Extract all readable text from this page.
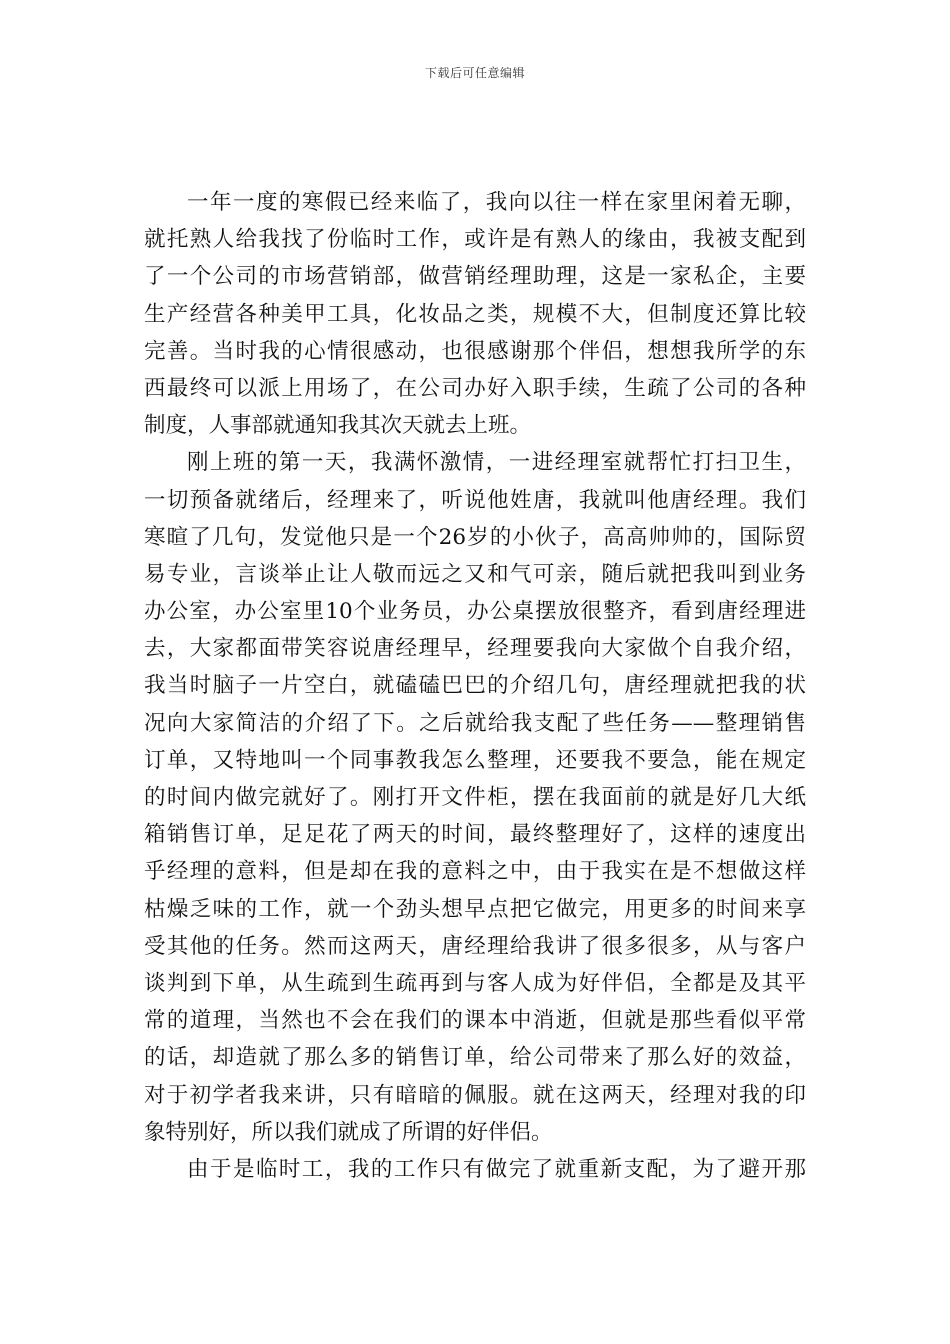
下载后可任意编辑
一年一度的寒假已经来临了，我向以往一样在家里闲着无聊，
就托熟人给我找了份临时工作，或许是有熟人的缘由，我被支配到
了一个公司的市场营销部，做营销经理助理，这是一家私企，主要
生产经营各种美甲工具，化妆品之类，规模不大，但制度还算比较
完善。当时我的心情很感动，也很感谢那个伴侣，想想我所学的东
西最终可以派上用场了，在公司办好入职手续，生疏了公司的各种
制度，人事部就通知我其次天就去上班。
刚上班的第一天，我满怀激情，一进经理室就帮忙打扫卫生，
一切预备就绪后，经理来了，听说他姓唐，我就叫他唐经理。我们
寒暄了几句，发觉他只是一个26岁的小伙子，高高帅帅的，国际贸
易专业，言谈举止让人敬而远之又和气可亲，随后就把我叫到业务
办公室，办公室里10个业务员，办公桌摆放很整齐，看到唐经理进
去，大家都面带笑容说唐经理早，经理要我向大家做个自我介绍，
我当时脑子一片空白，就磕磕巴巴的介绍几句，唐经理就把我的状
况向大家简洁的介绍了下。之后就给我支配了些任务——整理销售
订单，又特地叫一个同事教我怎么整理，还要我不要急，能在规定
的时间内做完就好了。刚打开文件柜，摆在我面前的就是好几大纸
箱销售订单，足足花了两天的时间，最终整理好了，这样的速度出
乎经理的意料，但是却在我的意料之中，由于我实在是不想做这样
枯燥乏味的工作，就一个劲头想早点把它做完，用更多的时间来享
受其他的任务。然而这两天，唐经理给我讲了很多很多，从与客户
谈判到下单，从生疏到生疏再到与客人成为好伴侣，全都是及其平
常的道理，当然也不会在我们的课本中消逝，但就是那些看似平常
的话，却造就了那么多的销售订单，给公司带来了那么好的效益，
对于初学者我来讲，只有暗暗的佩服。就在这两天，经理对我的印
象特别好，所以我们就成了所谓的好伴侣。
由于是临时工，我的工作只有做完了就重新支配，为了避开那
